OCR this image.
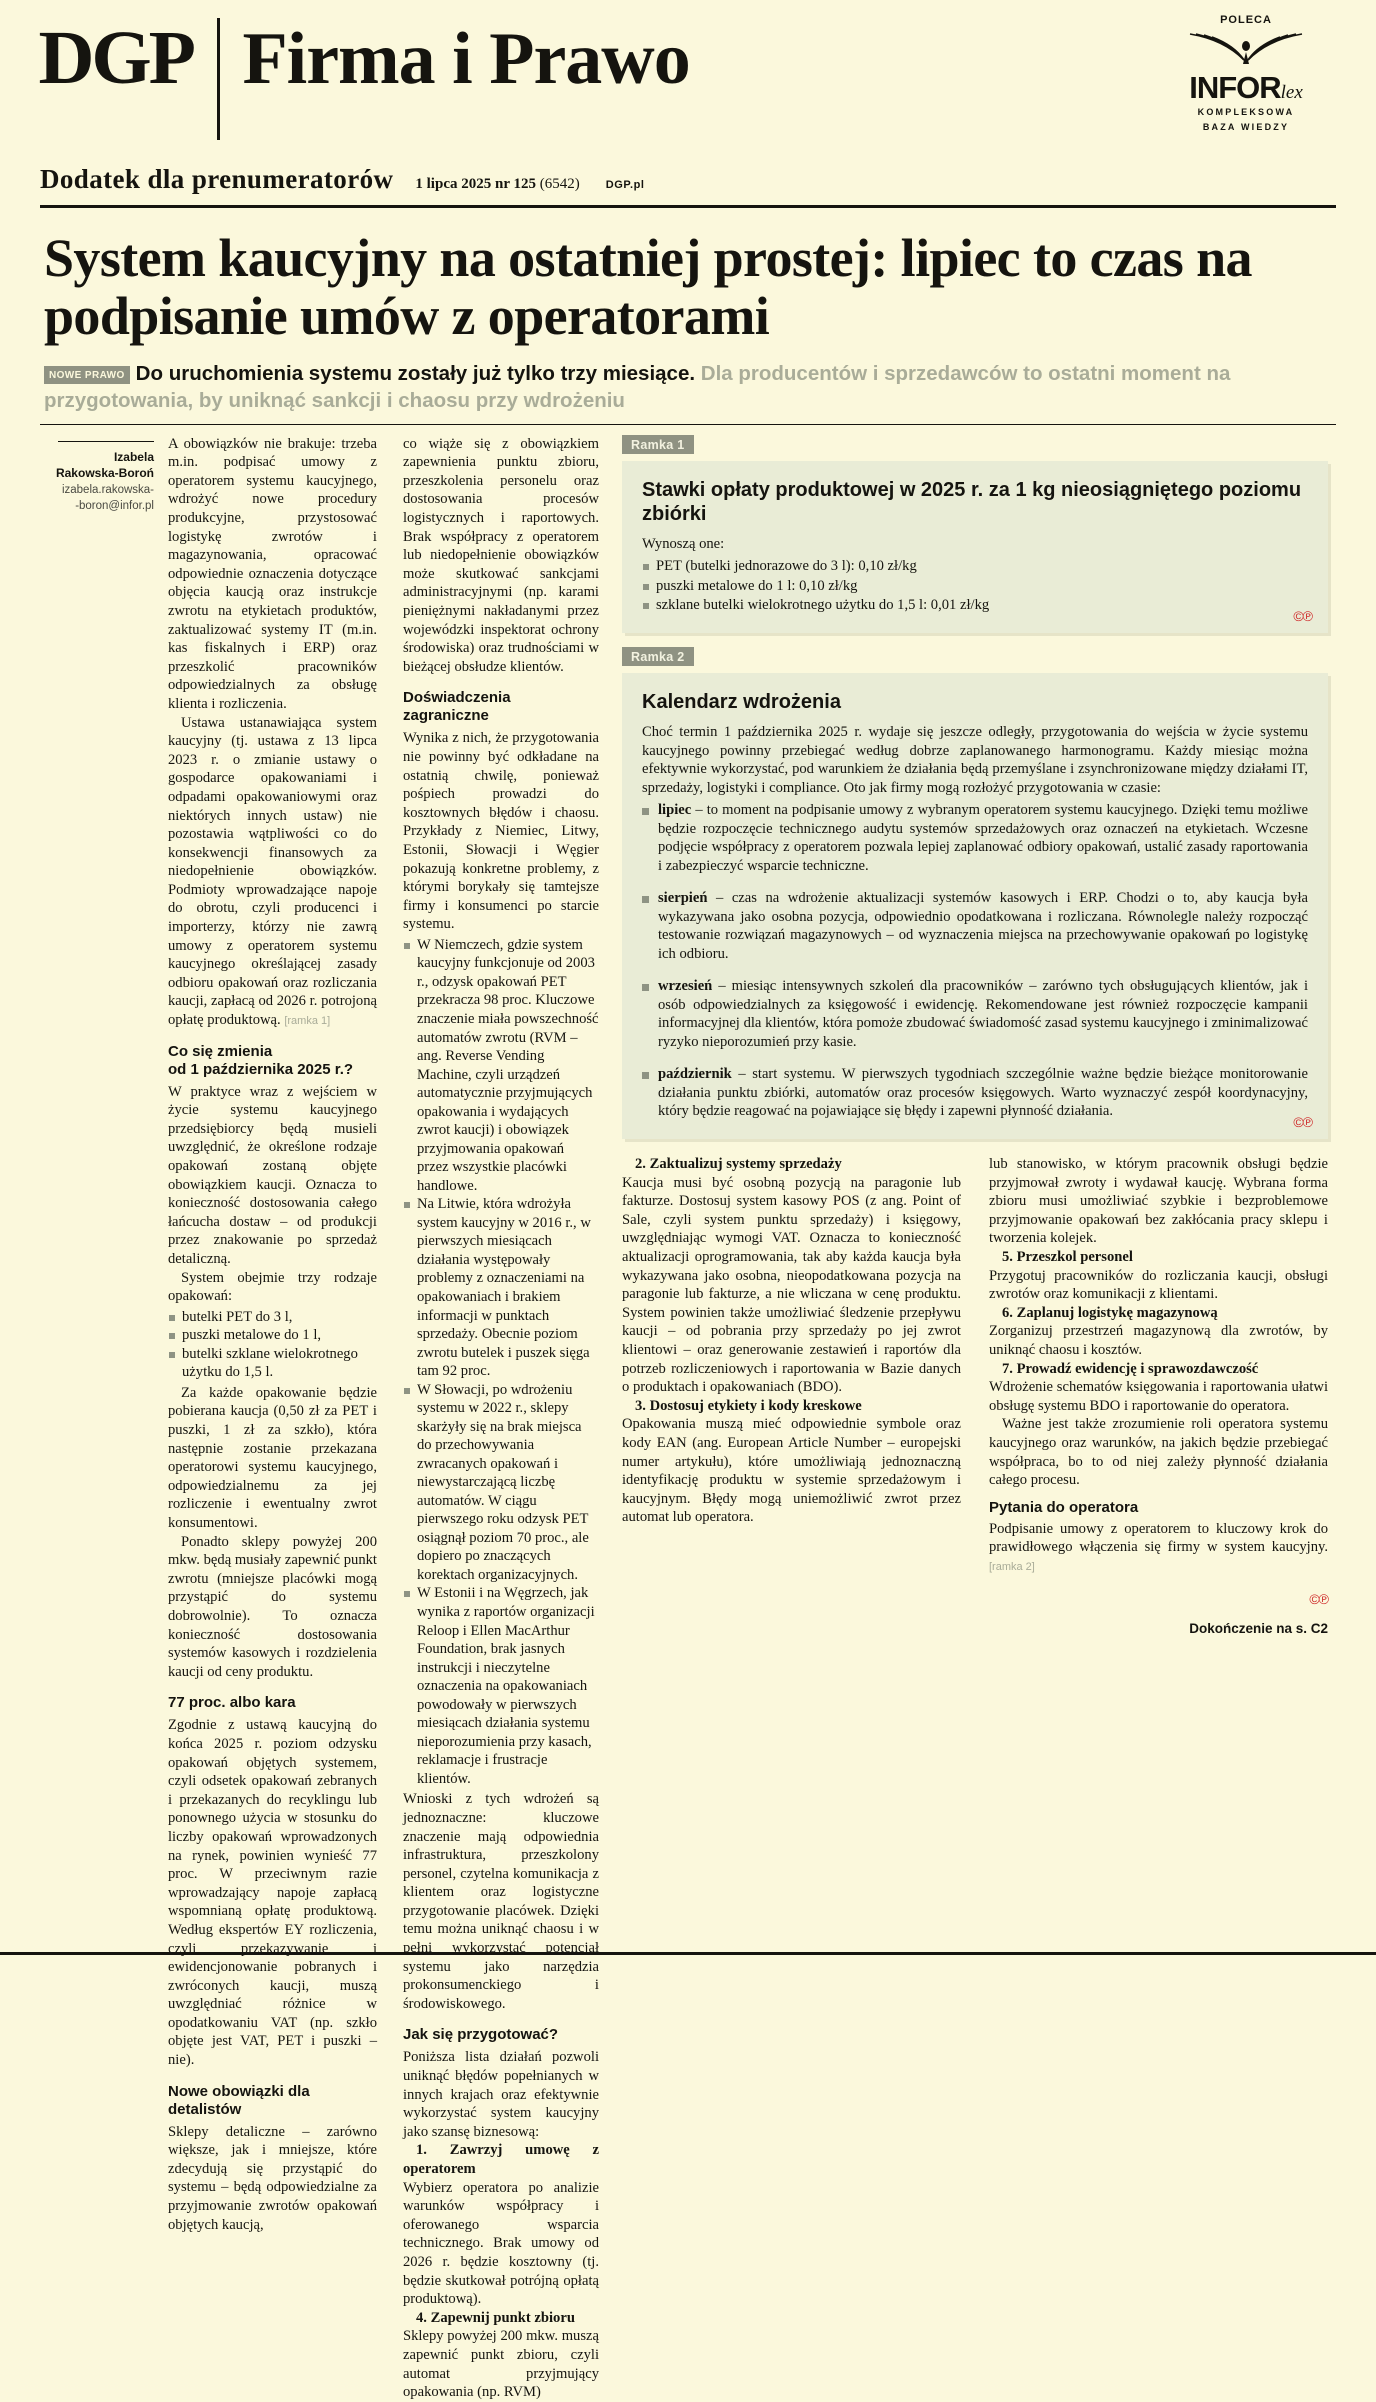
DGP Firma i Prawo	POLECA
INFORlex
KOMPLEKSOWA
BAZA WIEDZY
Dodatek dla prenumeratorów 1 lipca 2025 nr 125 (6542) DGP.pl
System kaucyjny na ostatniej prostej: lipiec to czas na podpisanie umów z operatorami

NOWE PRAWO Do uruchomienia systemu zostały już tylko trzy miesiące. Dla producentów i sprzedawców to ostatni moment na przygotowania, by uniknąć sankcji i chaosu przy wdrożeniu

Izabela
Rakowska-Boroń
izabela.rakowska-
-boron@infor.pl

A obowiązków nie brakuje: trzeba m.in. podpisać umowy z operatorem systemu kaucyjnego, wdrożyć nowe procedury produkcyjne, przystosować logistykę zwrotów i magazynowania, opracować odpowiednie oznaczenia dotyczące objęcia kaucją oraz instrukcje zwrotu na etykietach produktów, zaktualizować systemy IT (m.in. kas fiskalnych i ERP) oraz przeszkolić pracowników odpowiedzialnych za obsługę klienta i rozliczenia.

Ustawa ustanawiająca system kaucyjny (tj. ustawa z 13 lipca 2023 r. o zmianie ustawy o gospodarce opakowaniami i odpadami opakowaniowymi oraz niektórych innych ustaw) nie pozostawia wątpliwości co do konsekwencji finansowych za niedopełnienie obowiązków. Podmioty wprowadzające napoje do obrotu, czyli producenci i importerzy, którzy nie zawrą umowy z operatorem systemu kaucyjnego określającej zasady odbioru opakowań oraz rozliczania kaucji, zapłacą od 2026 r. potrojoną opłatę produktową. [ramka 1]

Co się zmienia
od 1 października 2025 r.?

W praktyce wraz z wejściem w życie systemu kaucyjnego przedsiębiorcy będą musieli uwzględnić, że określone rodzaje opakowań zostaną objęte obowiązkiem kaucji. Oznacza to konieczność dostosowania całego łańcucha dostaw – od produkcji przez znakowanie po sprzedaż detaliczną.

System obejmie trzy rodzaje opakowań:

butelki PET do 3 l,
puszki metalowe do 1 l,
butelki szklane wielokrotnego użytku do 1,5 l.

Za każde opakowanie będzie pobierana kaucja (0,50 zł za PET i puszki, 1 zł za szkło), która następnie zostanie przekazana operatorowi systemu kaucyjnego, odpowiedzialnemu za jej rozliczenie i ewentualny zwrot konsumentowi.

Ponadto sklepy powyżej 200 mkw. będą musiały zapewnić punkt zwrotu (mniejsze placówki mogą przystąpić do systemu dobrowolnie). To oznacza konieczność dostosowania systemów kasowych i rozdzielenia kaucji od ceny produktu.

77 proc. albo kara

Zgodnie z ustawą kaucyjną do końca 2025 r. poziom odzysku opakowań objętych systemem, czyli odsetek opakowań zebranych i przekazanych do recyklingu lub ponownego użycia w stosunku do liczby opakowań wprowadzonych na rynek, powinien wynieść 77 proc. W przeciwnym razie wprowadzający napoje zapłacą wspomnianą opłatę produktową. Według ekspertów EY rozliczenia, czyli przekazywanie i ewidencjonowanie pobranych i zwróconych kaucji, muszą uwzględniać różnice w opodatkowaniu VAT (np. szkło objęte jest VAT, PET i puszki – nie).

Nowe obowiązki dla detalistów

Sklepy detaliczne – zarówno większe, jak i mniejsze, które zdecydują się przystąpić do systemu – będą odpowiedzialne za przyjmowanie zwrotów opakowań objętych kaucją,

co wiąże się z obowiązkiem zapewnienia punktu zbioru, przeszkolenia personelu oraz dostosowania procesów logistycznych i raportowych. Brak współpracy z operatorem lub niedopełnienie obowiązków może skutkować sankcjami administracyjnymi (np. karami pieniężnymi nakładanymi przez wojewódzki inspektorat ochrony środowiska) oraz trudnościami w bieżącej obsłudze klientów.

Doświadczenia zagraniczne

Wynika z nich, że przygotowania nie powinny być odkładane na ostatnią chwilę, ponieważ pośpiech prowadzi do kosztownych błędów i chaosu. Przykłady z Niemiec, Litwy, Estonii, Słowacji i Węgier pokazują konkretne problemy, z którymi borykały się tamtejsze firmy i konsumenci po starcie systemu.

W Niemczech, gdzie system kaucyjny funkcjonuje od 2003 r., odzysk opakowań PET przekracza 98 proc. Kluczowe znaczenie miała powszechność automatów zwrotu (RVM – ang. Reverse Vending Machine, czyli urządzeń automatycznie przyjmujących opakowania i wydających zwrot kaucji) i obowiązek przyjmowania opakowań przez wszystkie placówki handlowe.
Na Litwie, która wdrożyła system kaucyjny w 2016 r., w pierwszych miesiącach działania występowały problemy z oznaczeniami na opakowaniach i brakiem informacji w punktach sprzedaży. Obecnie poziom zwrotu butelek i puszek sięga tam 92 proc.
W Słowacji, po wdrożeniu systemu w 2022 r., sklepy skarżyły się na brak miejsca do przechowywania zwracanych opakowań i niewystarczającą liczbę automatów. W ciągu pierwszego roku odzysk PET osiągnął poziom 70 proc., ale dopiero po znaczących korektach organizacyjnych.
W Estonii i na Węgrzech, jak wynika z raportów organizacji Reloop i Ellen MacArthur Foundation, brak jasnych instrukcji i nieczytelne oznaczenia na opakowaniach powodowały w pierwszych miesiącach działania systemu nieporozumienia przy kasach, reklamacje i frustracje klientów.

Wnioski z tych wdrożeń są jednoznaczne: kluczowe znaczenie mają odpowiednia infrastruktura, przeszkolony personel, czytelna komunikacja z klientem oraz logistyczne przygotowanie placówek. Dzięki temu można uniknąć chaosu i w pełni wykorzystać potencjał systemu jako narzędzia prokonsumenckiego i środowiskowego.

Jak się przygotować?

Poniższa lista działań pozwoli uniknąć błędów popełnianych w innych krajach oraz efektywnie wykorzystać system kaucyjny jako szansę biznesową:

1. Zawrzyj umowę z operatorem
Wybierz operatora po analizie warunków współpracy i oferowanego wsparcia technicznego. Brak umowy od 2026 r. będzie kosztowny (tj. będzie skutkował potrójną opłatą produktową).

4. Zapewnij punkt zbioru
Sklepy powyżej 200 mkw. muszą zapewnić punkt zbioru, czyli automat przyjmujący opakowania (np. RVM)

Ramka 1
Stawki opłaty produktowej w 2025 r. za 1 kg nieosiągniętego poziomu zbiórki

Wynoszą one:

PET (butelki jednorazowe do 3 l): 0,10 zł/kg
puszki metalowe do 1 l: 0,10 zł/kg
szklane butelki wielokrotnego użytku do 1,5 l: 0,01 zł/kg
©℗
Ramka 2
Kalendarz wdrożenia

Choć termin 1 października 2025 r. wydaje się jeszcze odległy, przygotowania do wejścia w życie systemu kaucyjnego powinny przebiegać według dobrze zaplanowanego harmonogramu. Każdy miesiąc można efektywnie wykorzystać, pod warunkiem że działania będą przemyślane i zsynchronizowane między działami IT, sprzedaży, logistyki i compliance. Oto jak firmy mogą rozłożyć przygotowania w czasie:

lipiec – to moment na podpisanie umowy z wybranym operatorem systemu kaucyjnego. Dzięki temu możliwe będzie rozpoczęcie technicznego audytu systemów sprzedażowych oraz oznaczeń na etykietach. Wczesne podjęcie współpracy z operatorem pozwala lepiej zaplanować odbiory opakowań, ustalić zasady raportowania i zabezpieczyć wsparcie techniczne.
sierpień – czas na wdrożenie aktualizacji systemów kasowych i ERP. Chodzi o to, aby kaucja była wykazywana jako osobna pozycja, odpowiednio opodatkowana i rozliczana. Równolegle należy rozpocząć testowanie rozwiązań magazynowych – od wyznaczenia miejsca na przechowywanie opakowań po logistykę ich odbioru.
wrzesień – miesiąc intensywnych szkoleń dla pracowników – zarówno tych obsługujących klientów, jak i osób odpowiedzialnych za księgowość i ewidencję. Rekomendowane jest również rozpoczęcie kampanii informacyjnej dla klientów, która pomoże zbudować świadomość zasad systemu kaucyjnego i zminimalizować ryzyko nieporozumień przy kasie.
październik – start systemu. W pierwszych tygodniach szczególnie ważne będzie bieżące monitorowanie działania punktu zbiórki, automatów oraz procesów księgowych. Warto wyznaczyć zespół koordynacyjny, który będzie reagować na pojawiające się błędy i zapewni płynność działania.
©℗

2. Zaktualizuj systemy sprzedaży
Kaucja musi być osobną pozycją na paragonie lub fakturze. Dostosuj system kasowy POS (z ang. Point of Sale, czyli system punktu sprzedaży) i księgowy, uwzględniając wymogi VAT. Oznacza to konieczność aktualizacji oprogramowania, tak aby każda kaucja była wykazywana jako osobna, nieopodatkowana pozycja na paragonie lub fakturze, a nie wliczana w cenę produktu. System powinien także umożliwiać śledzenie przepływu kaucji – od pobrania przy sprzedaży po jej zwrot klientowi – oraz generowanie zestawień i raportów dla potrzeb rozliczeniowych i raportowania w Bazie danych o produktach i opakowaniach (BDO).

3. Dostosuj etykiety i kody kreskowe
Opakowania muszą mieć odpowiednie symbole oraz kody EAN (ang. European Article Number – europejski numer artykułu), które umożliwiają jednoznaczną identyfikację produktu w systemie sprzedażowym i kaucyjnym. Błędy mogą uniemożliwić zwrot przez automat lub operatora.

lub stanowisko, w którym pracownik obsługi będzie przyjmował zwroty i wydawał kaucję. Wybrana forma zbioru musi umożliwiać szybkie i bezproblemowe przyjmowanie opakowań bez zakłócania pracy sklepu i tworzenia kolejek.

5. Przeszkol personel
Przygotuj pracowników do rozliczania kaucji, obsługi zwrotów oraz komunikacji z klientami.

6. Zaplanuj logistykę magazynową
Zorganizuj przestrzeń magazynową dla zwrotów, by uniknąć chaosu i kosztów.

7. Prowadź ewidencję i sprawozdawczość
Wdrożenie schematów księgowania i raportowania ułatwi obsługę systemu BDO i raportowanie do operatora.

Ważne jest także zrozumienie roli operatora systemu kaucyjnego oraz warunków, na jakich będzie przebiegać współpraca, bo to od niej zależy płynność działania całego procesu.

Pytania do operatora

Podpisanie umowy z operatorem to kluczowy krok do prawidłowego włączenia się firmy w system kaucyjny. [ramka 2]

©℗
Dokończenie na s. C2
